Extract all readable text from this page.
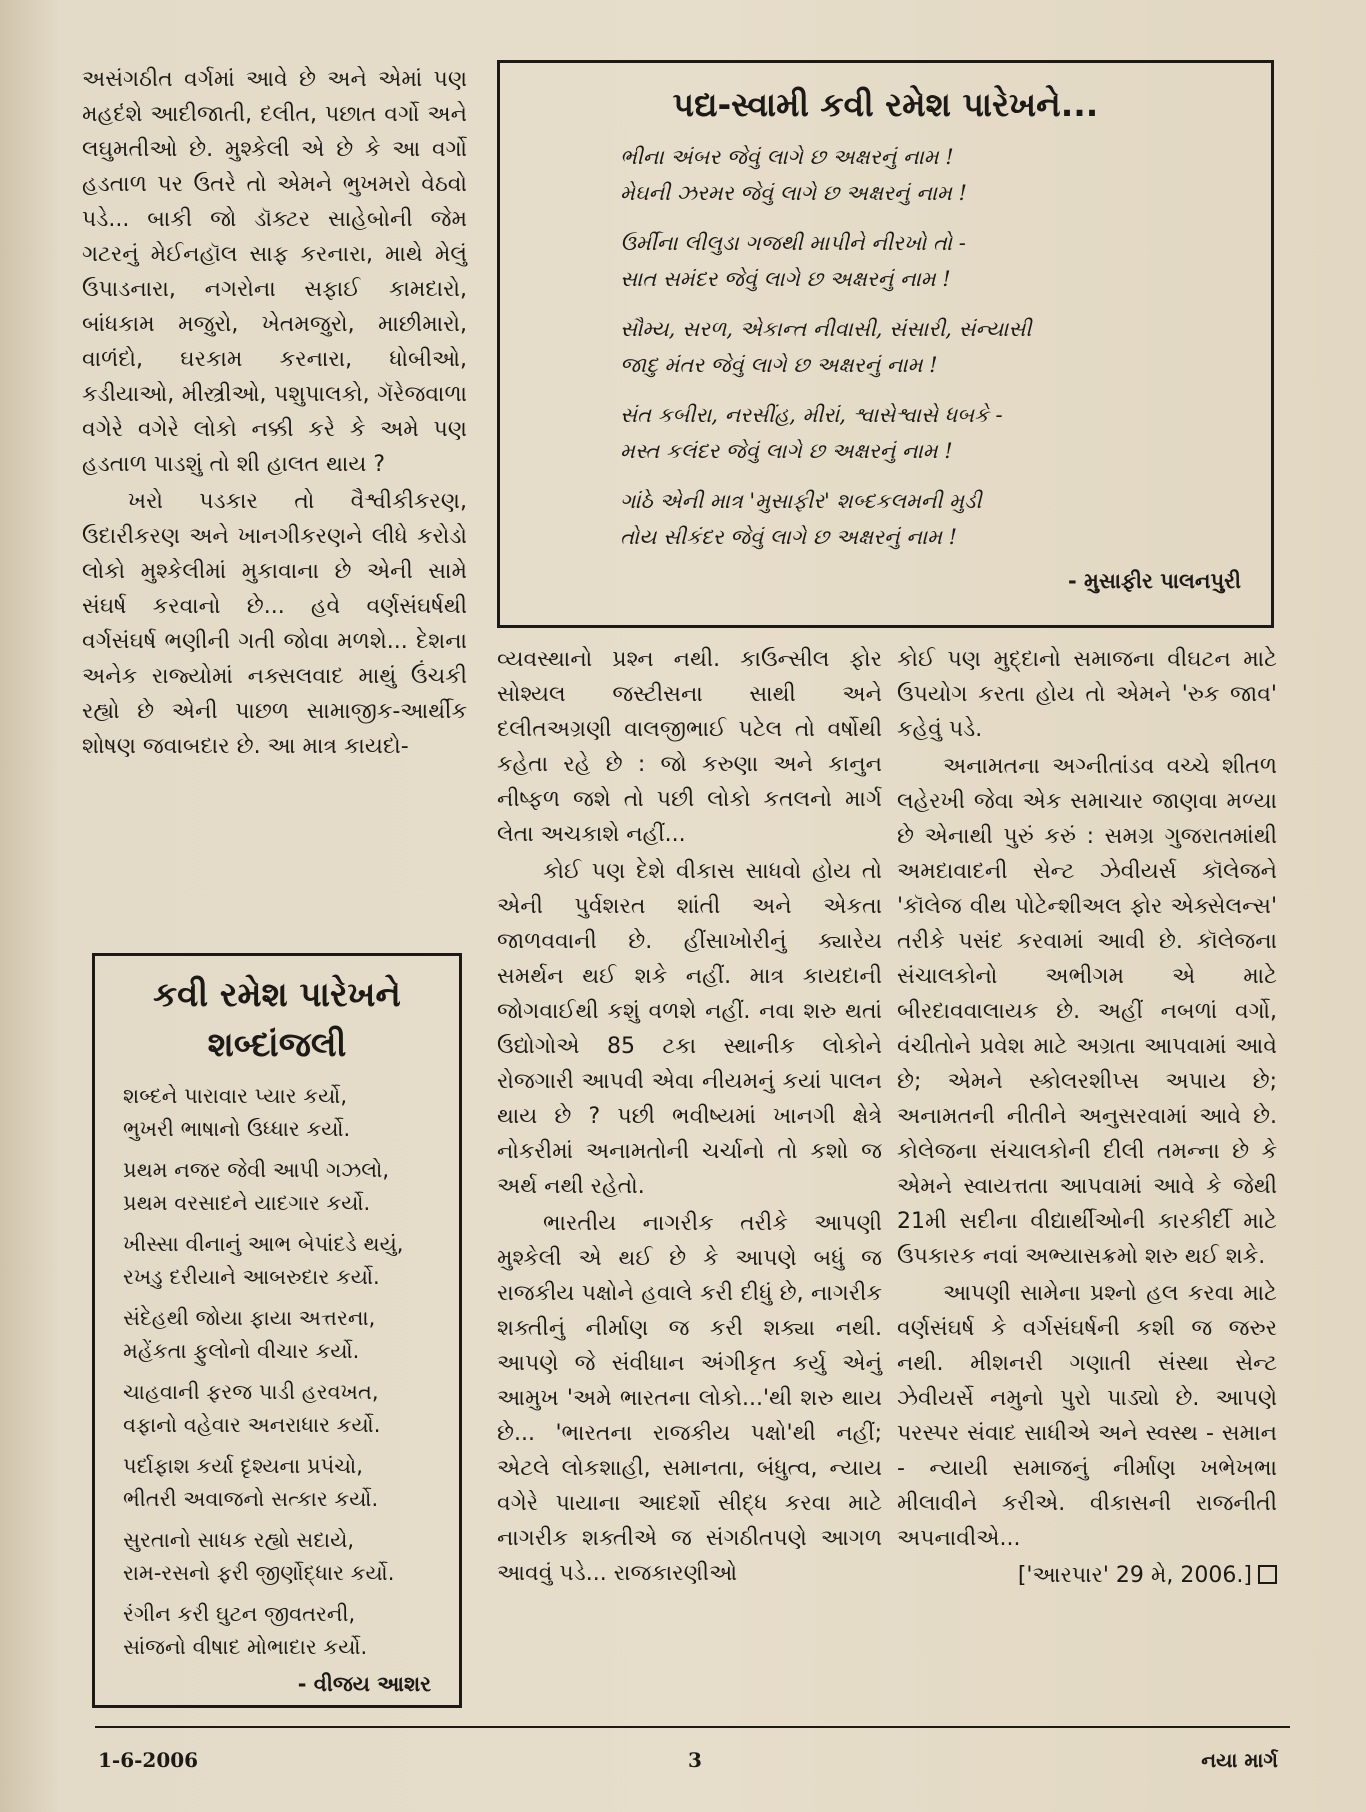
અસંગઠીત વર્ગમાં આવે છે અને એમાં પણ મહદંશે આદીજાતી, દલીત, પછાત વર્ગો અને લઘુમતીઓ છે. મુશ્કેલી એ છે કે આ વર્ગો હડતાળ પર ઉતરે તો એમને ભુખમરો વેઠવો પડે... બાકી જો ડૉક્ટર સાહેબોની જેમ ગટરનું મેઈનહૉલ સાફ કરનારા, માથે મેલું ઉપાડનારા, નગરોના સફાઈ કામદારો, બાંધકામ મજુરો, ખેતમજુરો, માછીમારો, વાળંદો, ઘરકામ કરનારા, ધોબીઓ, કડીયાઓ, મીસ્ત્રીઓ, પશુપાલકો, ગૅરેજવાળા વગેરે વગેરે લોકો નક્કી કરે કે અમે પણ હડતાળ પાડશું તો શી હાલત થાય ?

ખરો પડકાર તો વૈશ્વીકીકરણ, ઉદારીકરણ અને ખાનગીકરણને લીધે કરોડો લોકો મુશ્કેલીમાં મુકાવાના છે એની સામે સંઘર્ષ કરવાનો છે... હવે વર્ણસંઘર્ષથી વર્ગસંઘર્ષ ભણીની ગતી જોવા મળશે... દેશના અનેક રાજ્યોમાં નક્સલવાદ માથું ઉંચકી રહ્યો છે એની પાછળ સામાજીક-આર્થીક શોષણ જવાબદાર છે. આ માત્ર કાયદો-

પદ્ય-સ્વામી કવી રમેશ પારેખને...
ભીના અંબર જેવું લાગે છ અક્ષરનું નામ !
મેઘની ઝરમર જેવું લાગે છ અક્ષરનું નામ !
ઉર્મીના લીલુડા ગજથી માપીને નીરખો તો -
સાત સમંદર જેવું લાગે છ અક્ષરનું નામ !
સૌમ્ય, સરળ, એકાન્ત નીવાસી, સંસારી, સંન્યાસી
જાદુ મંતર જેવું લાગે છ અક્ષરનું નામ !
સંત કબીરા, નરસીંહ, મીરાં, શ્વાસેશ્વાસે ધબકે -
મસ્ત કલંદર જેવું લાગે છ અક્ષરનું નામ !
ગાંઠે એની માત્ર 'મુસાફીર' શબ્દકલમની મુડી
તોય સીકંદર જેવું લાગે છ અક્ષરનું નામ !
- મુસાફીર પાલનપુરી
કવી રમેશ પારેખને
શબ્દાંજલી
શબ્દને પારાવાર પ્યાર કર્યો,
ભુખરી ભાષાનો ઉધ્ધાર કર્યો.
પ્રથમ નજર જેવી આપી ગઝલો,
પ્રથમ વરસાદને યાદગાર કર્યો.
ખીસ્સા વીનાનું આભ બેપાંદડે થયું,
રખડુ દરીયાને આબરુદાર કર્યો.
સંદેહથી જોયા ફાયા અત્તરના,
મહેંકતા ફુલોનો વીચાર કર્યો.
ચાહવાની ફરજ પાડી હરવખત,
વફાનો વહેવાર અનરાધાર કર્યો.
પર્દાફાશ કર્યા દૃશ્યના પ્રપંચો,
ભીતરી અવાજનો સત્કાર કર્યો.
સુરતાનો સાધક રહ્યો સદાયે,
રામ-રસનો ફરી જીર્ણોદ્ધાર કર્યો.
રંગીન કરી ઘુટન જીવતરની,
સાંજનો વીષાદ મોભાદાર કર્યો.
- વીજય આશર

વ્યવસ્થાનો પ્રશ્ન નથી. કાઉન્સીલ ફોર સોશ્યલ જસ્ટીસના સાથી અને દલીતઅગ્રણી વાલજીભાઈ પટેલ તો વર્ષોથી કહેતા રહે છે : જો કરુણા અને કાનુન નીષ્ફળ જશે તો પછી લોકો કતલનો માર્ગ લેતા અચકાશે નહીં...

કોઈ પણ દેશે વીકાસ સાધવો હોય તો એની પુર્વશરત શાંતી અને એકતા જાળવવાની છે. હીંસાખોરીનું ક્યારેય સમર્થન થઈ શકે નહીં. માત્ર કાયદાની જોગવાઈથી કશું વળશે નહીં. નવા શરુ થતાં ઉદ્યોગોએ 85 ટકા સ્થાનીક લોકોને રોજગારી આપવી એવા નીયમનું કયાં પાલન થાય છે ? પછી ભવીષ્યમાં ખાનગી ક્ષેત્રે નોકરીમાં અનામતોની ચર્ચાનો તો કશો જ અર્થ નથી રહેતો.

ભારતીય નાગરીક તરીકે આપણી મુશ્કેલી એ થઈ છે કે આપણે બધું જ રાજકીય પક્ષોને હવાલે કરી દીધું છે, નાગરીક શક્તીનું નીર્માણ જ કરી શક્યા નથી. આપણે જે સંવીધાન અંગીકૃત કર્યુ એનું આમુખ 'અમે ભારતના લોકો...'થી શરુ થાય છે... 'ભારતના રાજકીય પક્ષો'થી નહીં; એટલે લોકશાહી, સમાનતા, બંધુત્વ, ન્યાય વગેરે પાયાના આદર્શો સીદ્ધ કરવા માટે નાગરીક શક્તીએ જ સંગઠીતપણે આગળ આવવું પડે... રાજકારણીઓ

કોઈ પણ મુદ્દાનો સમાજના વીઘટન માટે ઉપયોગ કરતા હોય તો એમને 'રુક જાવ' કહેવું પડે.

અનામતના અગ્નીતાંડવ વચ્ચે શીતળ લહેરખી જેવા એક સમાચાર જાણવા મળ્યા છે એનાથી પુરું કરું : સમગ્ર ગુજરાતમાંથી અમદાવાદની સેન્ટ ઝેવીયર્સ કૉલેજને 'કૉલેજ વીથ પોટેન્શીઅલ ફોર એક્સેલન્સ' તરીકે પસંદ કરવામાં આવી છે. કૉલેજના સંચાલકોનો અભીગમ એ માટે બીરદાવવાલાયક છે. અહીં નબળાં વર્ગો, વંચીતોને પ્રવેશ માટે અગ્રતા આપવામાં આવે છે; એમને સ્કોલરશીપ્સ અપાય છે; અનામતની નીતીને અનુસરવામાં આવે છે. કોલેજના સંચાલકોની દીલી તમન્ના છે કે એમને સ્વાયત્તતા આપવામાં આવે કે જેથી 21મી સદીના વીદ્યાર્થીઓની કારકીર્દી માટે ઉપકારક નવાં અભ્યાસક્રમો શરુ થઈ શકે.

આપણી સામેના પ્રશ્નો હલ કરવા માટે વર્ણસંઘર્ષ કે વર્ગસંઘર્ષની કશી જ જરુર નથી. મીશનરી ગણાતી સંસ્થા સેન્ટ ઝેવીયર્સે નમુનો પુરો પાડ્યો છે. આપણે પરસ્પર સંવાદ સાધીએ અને સ્વસ્થ - સમાન - ન્યાયી સમાજનું નીર્માણ ખભેખભા મીલાવીને કરીએ. વીકાસની રાજનીતી અપનાવીએ...

['આરપાર' 29 મે, 2006.]

1-6-2006	3	નયા માર્ગ
